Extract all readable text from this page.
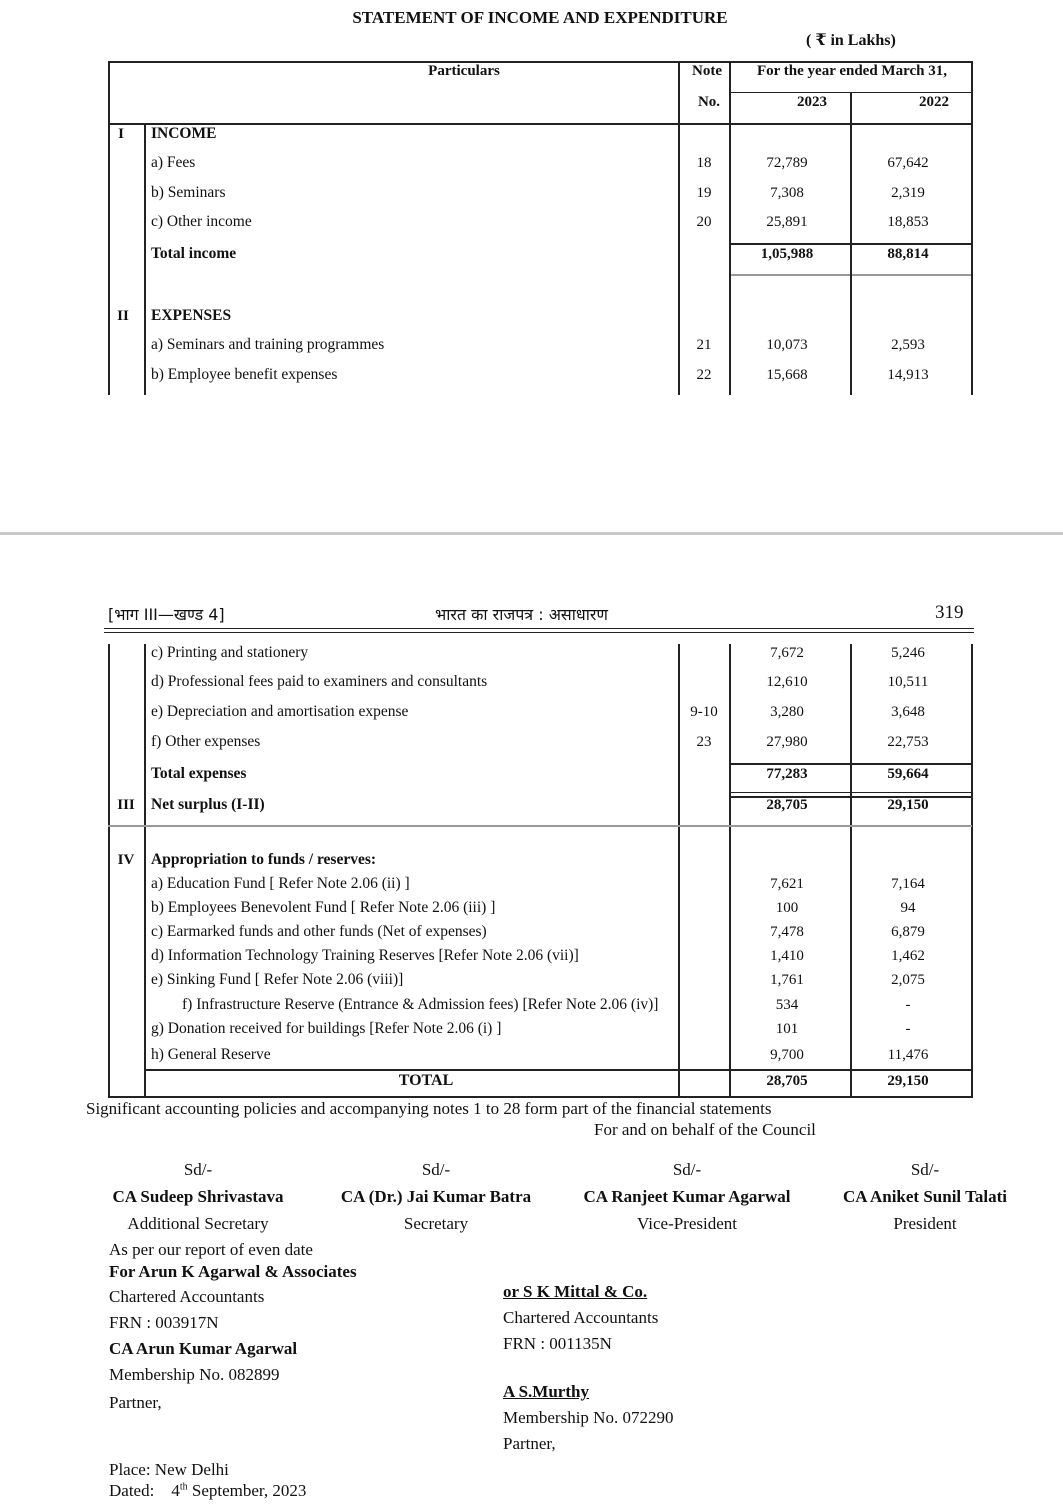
STATEMENT OF INCOME AND EXPENDITURE
( ₹ in Lakhs)
Particulars	Note
No.
For the year ended March 31,
2023	2022
I	INCOME
a) Fees	18	72,789	67,642
b) Seminars	19	7,308	2,319
c) Other income	20	25,891	18,853
Total income	1,05,988	88,814
II	EXPENSES
a) Seminars and training programmes	21	10,073	2,593
b) Employee benefit expenses	22	15,668	14,913
[भाग III—खण्ड 4]	भारत का राजपत्र : असाधारण	319
c) Printing and stationery	7,672	5,246
d) Professional fees paid to examiners and consultants	12,610	10,511
e) Depreciation and amortisation expense	9-10	3,280	3,648
f) Other expenses	23	27,980	22,753
Total expenses	77,283	59,664
III	Net surplus (I-II)	28,705	29,150
IV	Appropriation to funds / reserves:
a) Education Fund [ Refer Note 2.06 (ii) ]	7,621	7,164
b) Employees Benevolent Fund [ Refer Note 2.06 (iii) ]	100	94
c) Earmarked funds and other funds (Net of expenses)	7,478	6,879
d) Information Technology Training Reserves [Refer Note 2.06 (vii)]	1,410	1,462
e) Sinking Fund [ Refer Note 2.06 (viii)]	1,761	2,075
f) Infrastructure Reserve (Entrance & Admission fees) [Refer Note 2.06 (iv)]	534	-
g) Donation received for buildings [Refer Note 2.06 (i) ]	101	-
h) General Reserve	9,700	11,476
TOTAL	28,705	29,150
Significant accounting policies and accompanying notes 1 to 28 form part of the financial statements
For and on behalf of the Council
Sd/-
CA Sudeep Shrivastava
Additional Secretary
Sd/-
CA (Dr.) Jai Kumar Batra
Secretary
Sd/-
CA Ranjeet Kumar Agarwal
Vice-President
Sd/-
CA Aniket Sunil Talati
President
As per our report of even date
For Arun K Agarwal & Associates
Chartered Accountants
FRN : 003917N
CA Arun Kumar Agarwal
Membership No. 082899
Partner,
or S K Mittal & Co.
Chartered Accountants
FRN : 001135N
A S.Murthy
Membership No. 072290
Partner,
Place: New Delhi
Dated:    4th September, 2023
